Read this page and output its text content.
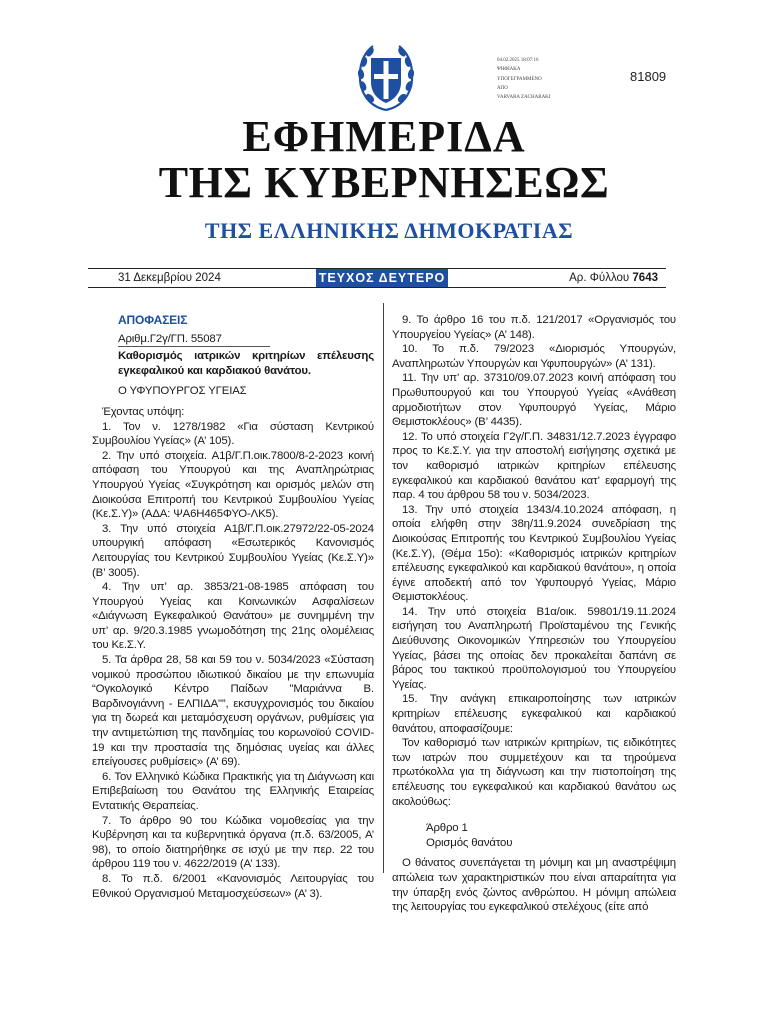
04.02.2025 18:07:16
ΨΗΦΙΑΚΑ
ΥΠΟΓΕΓΡΑΜΜΕΝΟ
ΑΠΟ
VARVARA ZACHARAKI
81809
ΕΦΗΜΕΡΙΔΑ
ΤΗΣ ΚΥΒΕΡΝΗΣΕΩΣ
ΤΗΣ ΕΛΛΗΝΙΚΗΣ ΔΗΜΟΚΡΑΤΙΑΣ
31 Δεκεμβρίου 2024	ΤΕΥΧΟΣ ΔΕΥΤΕΡΟ	Αρ. Φύλλου 7643
ΑΠΟΦΑΣΕΙΣ
Αριθμ.Γ2γ/ΓΠ. 55087
Καθορισμός ιατρικών κριτηρίων επέλευσης εγκεφαλικού και καρδιακού θανάτου.
Ο ΥΦΥΠΟΥΡΓΟΣ ΥΓΕΙΑΣ

Έχοντας υπόψη:

1. Τον ν. 1278/1982 «Για σύσταση Κεντρικού Συμβουλίου Υγείας» (Α’ 105).

2. Την υπό στοιχεία. Α1β/Γ.Π.οικ.7800/8-2-2023 κοινή απόφαση του Υπουργού και της Αναπληρώτριας Υπουργού Υγείας «Συγκρότηση και ορισμός μελών στη Διοικούσα Επιτροπή του Κεντρικού Συμβουλίου Υγείας (Κε.Σ.Υ)» (ΑΔΑ: ΨΑ6Η465ΦΥΟ-ΛΚ5).

3. Την υπό στοιχεία Α1β/Γ.Π.οικ.27972/22-05-2024 υπουργική απόφαση «Εσωτερικός Κανονισμός Λειτουργίας του Κεντρικού Συμβουλίου Υγείας (Κε.Σ.Υ)» (Β’ 3005).

4. Την υπ’ αρ. 3853/21-08-1985 απόφαση του Υπουργού Υγείας και Κοινωνικών Ασφαλίσεων «Διάγνωση Εγκεφαλικού Θανάτου» με συνημμένη την υπ’ αρ. 9/20.3.1985 γνωμοδότηση της 21ης ολομέλειας του Κε.Σ.Υ.

5. Τα άρθρα 28, 58 και 59 του ν. 5034/2023 «Σύσταση νομικού προσώπου ιδιωτικού δικαίου με την επωνυμία “Ογκολογικό Κέντρο Παίδων "Μαριάννα Β. Βαρδινογιάννη - ΕΛΠΙΔΑ"”, εκσυγχρονισμός του δικαίου για τη δωρεά και μεταμόσχευση οργάνων, ρυθμίσεις για την αντιμετώπιση της πανδημίας του κορωνοϊού COVID-19 και την προστασία της δημόσιας υγείας και άλλες επείγουσες ρυθμίσεις» (Α’ 69).

6. Τον Ελληνικό Κώδικα Πρακτικής για τη Διάγνωση και Επιβεβαίωση του Θανάτου της Ελληνικής Εταιρείας Εντατικής Θεραπείας.

7. Το άρθρο 90 του Κώδικα νομοθεσίας για την Κυβέρνηση και τα κυβερνητικά όργανα (π.δ. 63/2005, Α’ 98), το οποίο διατηρήθηκε σε ισχύ με την περ. 22 του άρθρου 119 του ν. 4622/2019 (Α’ 133).

8. Το π.δ. 6/2001 «Κανονισμός Λειτουργίας του Εθνικού Οργανισμού Μεταμοσχεύσεων» (Α’ 3).

9. Το άρθρο 16 του π.δ. 121/2017 «Οργανισμός του Υπουργείου Υγείας» (Α’ 148).

10. Το π.δ. 79/2023 «Διορισμός Υπουργών, Αναπληρωτών Υπουργών και Υφυπουργών» (Α’ 131).

11. Την υπ’ αρ. 37310/09.07.2023 κοινή απόφαση του Πρωθυπουργού και του Υπουργού Υγείας «Ανάθεση αρμοδιοτήτων στον Υφυπουργό Υγείας, Μάριο Θεμιστοκλέους» (Β’ 4435).

12. Το υπό στοιχεία Γ2γ/Γ.Π. 34831/12.7.2023 έγγραφο προς το Κε.Σ.Υ. για την αποστολή εισήγησης σχετικά με τον καθορισμό ιατρικών κριτηρίων επέλευσης εγκεφαλικού και καρδιακού θανάτου κατ’ εφαρμογή της παρ. 4 του άρθρου 58 του ν. 5034/2023.

13. Την υπό στοιχεία 1343/4.10.2024 απόφαση, η οποία ελήφθη στην 38η/11.9.2024 συνεδρίαση της Διοικούσας Επιτροπής του Κεντρικού Συμβουλίου Υγείας (Κε.Σ.Υ), (Θέμα 15ο): «Καθορισμός ιατρικών κριτηρίων επέλευσης εγκεφαλικού και καρδιακού θανάτου», η οποία έγινε αποδεκτή από τον Υφυπουργό Υγείας, Μάριο Θεμιστοκλέους.

14. Την υπό στοιχεία Β1α/οικ. 59801/19.11.2024 εισήγηση του Αναπληρωτή Προϊσταμένου της Γενικής Διεύθυνσης Οικονομικών Υπηρεσιών του Υπουργείου Υγείας, βάσει της οποίας δεν προκαλείται δαπάνη σε βάρος του τακτικού προϋπολογισμού του Υπουργείου Υγείας.

15. Την ανάγκη επικαιροποίησης των ιατρικών κριτηρίων επέλευσης εγκεφαλικού και καρδιακού θανάτου, αποφασίζουμε:

Τον καθορισμό των ιατρικών κριτηρίων, τις ειδικότητες των ιατρών που συμμετέχουν και τα τηρούμενα πρωτόκολλα για τη διάγνωση και την πιστοποίηση της επέλευσης του εγκεφαλικού και καρδιακού θανάτου ως ακολούθως:

Άρθρο 1
Ορισμός θανάτου

Ο θάνατος συνεπάγεται τη μόνιμη και μη αναστρέψιμη απώλεια των χαρακτηριστικών που είναι απαραίτητα για την ύπαρξη ενός ζώντος ανθρώπου. Η μόνιμη απώλεια της λειτουργίας του εγκεφαλικού στελέχους (είτε από
